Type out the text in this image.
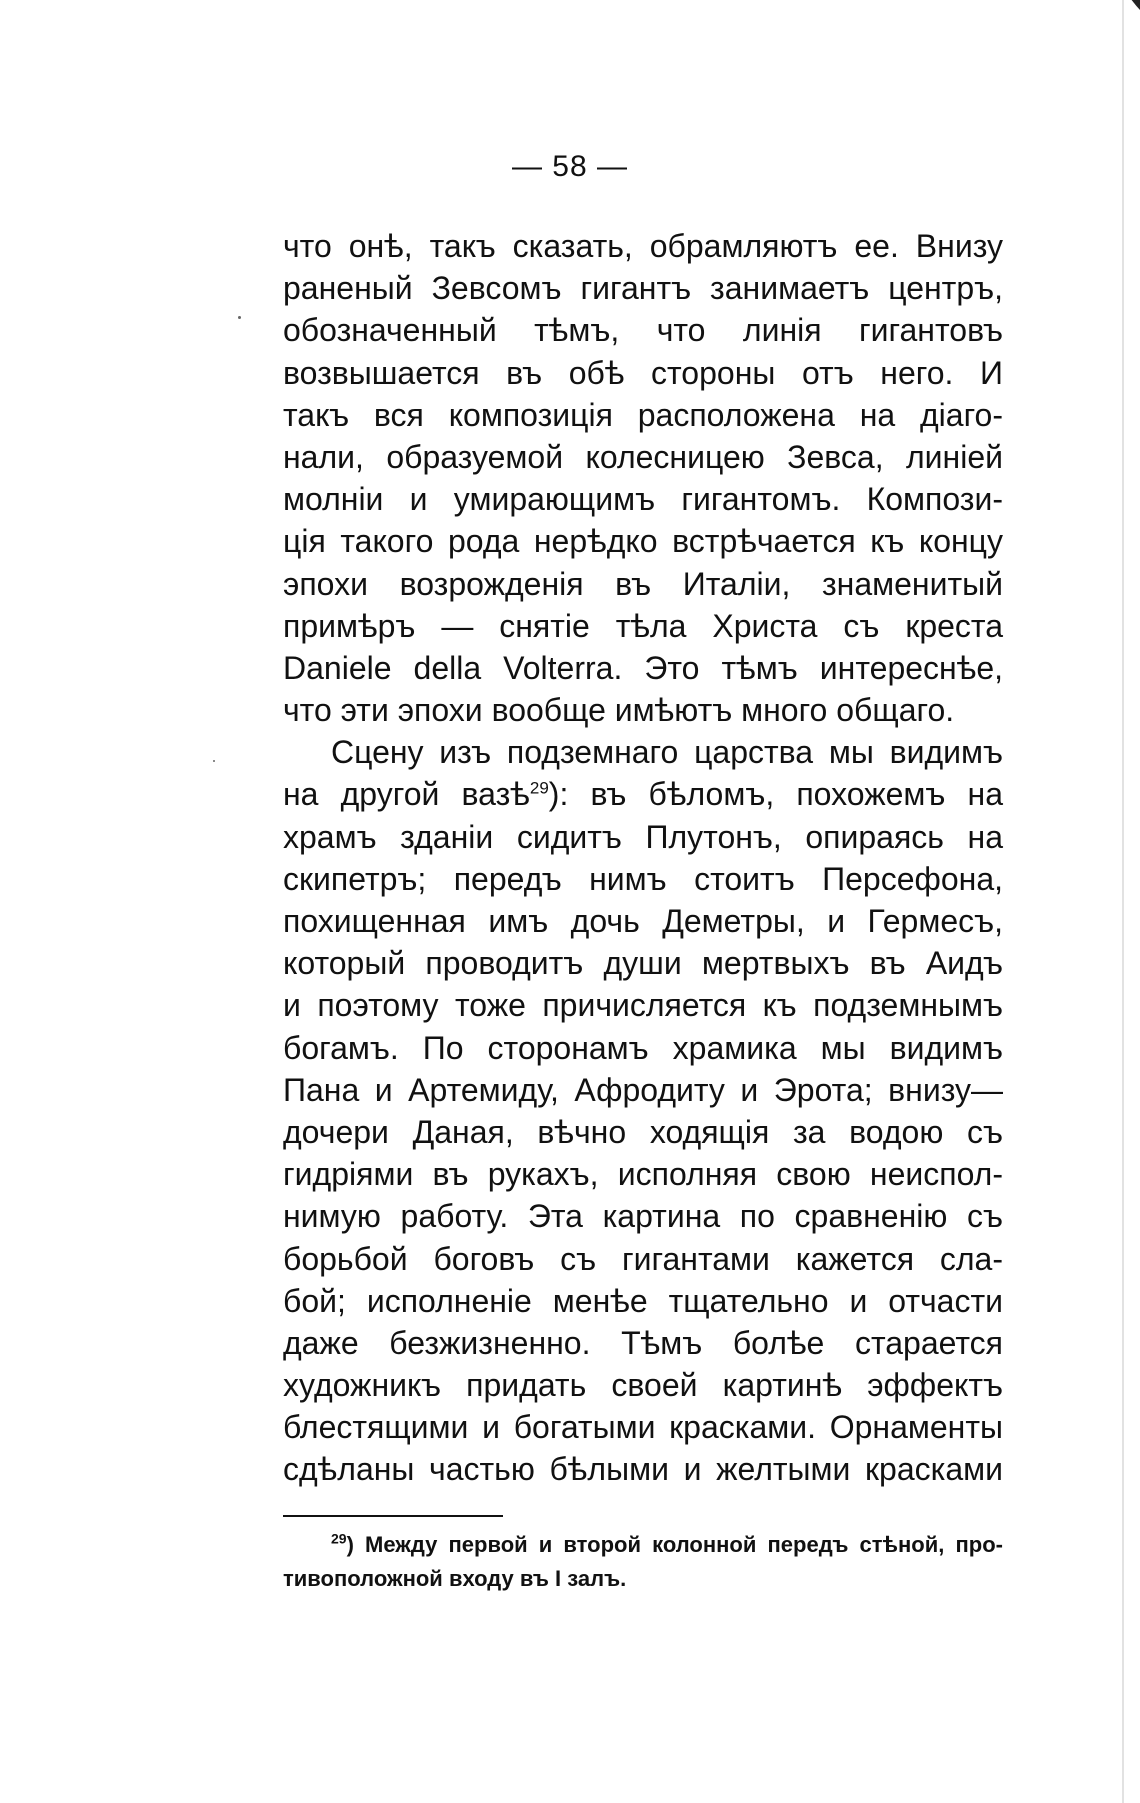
— 58 —
что онѣ, такъ сказать, обрамляютъ ее. Внизу
раненый Зевсомъ гигантъ занимаетъ центръ,
обозначенный тѣмъ, что линія гигантовъ
возвышается въ обѣ стороны отъ него. И
такъ вся композиція расположена на діаго-
нали, образуемой колесницею Зевса, линіей
молніи и умирающимъ гигантомъ. Компози-
ція такого рода нерѣдко встрѣчается къ концу
эпохи возрожденія въ Италіи, знаменитый
примѣръ — снятіе тѣла Христа съ креста
Daniele della Volterra. Это тѣмъ интереснѣе,
что эти эпохи вообще имѣютъ много общаго.
Сцену изъ подземнаго царства мы видимъ
на другой вазѣ$^{29}$): въ бѣломъ, похожемъ на
храмъ зданіи сидитъ Плутонъ, опираясь на
скипетръ; передъ нимъ стоитъ Персефона,
похищенная имъ дочь Деметры, и Гермесъ,
который проводитъ души мертвыхъ въ Аидъ
и поэтому тоже причисляется къ подземнымъ
богамъ. По сторонамъ храмика мы видимъ
Пана и Артемиду, Афродиту и Эрота; внизу—
дочери Даная, вѣчно ходящія за водою съ
гидріями въ рукахъ, исполняя свою неиспол-
нимую работу. Эта картина по сравненію съ
борьбой боговъ съ гигантами кажется сла-
бой; исполненіе менѣе тщательно и отчасти
даже безжизненно. Тѣмъ болѣе старается
художникъ придать своей картинѣ эффектъ
блестящими и богатыми красками. Орнаменты
сдѣланы частью бѣлыми и желтыми красками
$^{29}$) Между первой и второй колонной передъ стѣной, про-
тивоположной входу въ I залъ.
